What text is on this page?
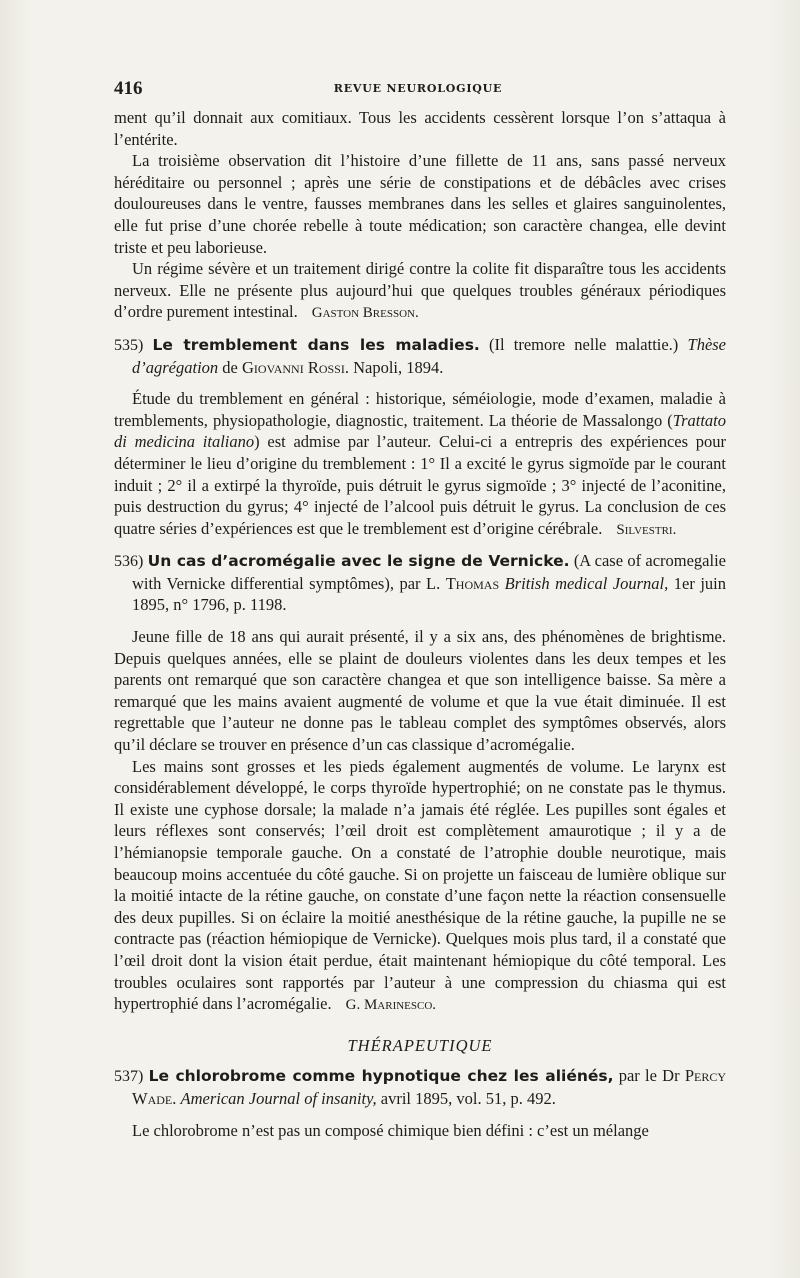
416	REVUE NEUROLOGIQUE

ment qu’il donnait aux comitiaux. Tous les accidents cessèrent lorsque l’on s’attaqua à l’entérite.

La troisième observation dit l’histoire d’une fillette de 11 ans, sans passé nerveux héréditaire ou personnel ; après une série de constipations et de débâcles avec crises douloureuses dans le ventre, fausses membranes dans les selles et glaires sanguinolentes, elle fut prise d’une chorée rebelle à toute médication; son caractère changea, elle devint triste et peu laborieuse.

Un régime sévère et un traitement dirigé contre la colite fit disparaître tous les accidents nerveux. Elle ne présente plus aujourd’hui que quelques troubles généraux périodiques d’ordre purement intestinal. Gaston Bresson.

535) Le tremblement dans les maladies. (Il tremore nelle malattie.) Thèse d’agrégation de Giovanni Rossi. Napoli, 1894.

Étude du tremblement en général : historique, séméiologie, mode d’examen, maladie à tremblements, physiopathologie, diagnostic, traitement. La théorie de Massalongo (Trattato di medicina italiano) est admise par l’auteur. Celui-ci a entrepris des expériences pour déterminer le lieu d’origine du tremblement : 1° Il a excité le gyrus sigmoïde par le courant induit ; 2° il a extirpé la thyroïde, puis détruit le gyrus sigmoïde ; 3° injecté de l’aconitine, puis destruction du gyrus; 4° injecté de l’alcool puis détruit le gyrus. La conclusion de ces quatre séries d’expériences est que le tremblement est d’origine cérébrale. Silvestri.

536) Un cas d’acromégalie avec le signe de Vernicke. (A case of acromegalie with Vernicke differential symptômes), par L. Thomas British medical Journal, 1er juin 1895, n° 1796, p. 1198.

Jeune fille de 18 ans qui aurait présenté, il y a six ans, des phénomènes de brightisme. Depuis quelques années, elle se plaint de douleurs violentes dans les deux tempes et les parents ont remarqué que son caractère changea et que son intelligence baisse. Sa mère a remarqué que les mains avaient augmenté de volume et que la vue était diminuée. Il est regrettable que l’auteur ne donne pas le tableau complet des symptômes observés, alors qu’il déclare se trouver en présence d’un cas classique d’acromégalie.

Les mains sont grosses et les pieds également augmentés de volume. Le larynx est considérablement développé, le corps thyroïde hypertrophié; on ne constate pas le thymus. Il existe une cyphose dorsale; la malade n’a jamais été réglée. Les pupilles sont égales et leurs réflexes sont conservés; l’œil droit est complètement amaurotique ; il y a de l’hémianopsie temporale gauche. On a constaté de l’atrophie double neurotique, mais beaucoup moins accentuée du côté gauche. Si on projette un faisceau de lumière oblique sur la moitié intacte de la rétine gauche, on constate d’une façon nette la réaction consensuelle des deux pupilles. Si on éclaire la moitié anesthésique de la rétine gauche, la pupille ne se contracte pas (réaction hémiopique de Vernicke). Quelques mois plus tard, il a constaté que l’œil droit dont la vision était perdue, était maintenant hémiopique du côté temporal. Les troubles oculaires sont rapportés par l’auteur à une compression du chiasma qui est hypertrophié dans l’acromégalie. G. Marinesco.

THÉRAPEUTIQUE

537) Le chlorobrome comme hypnotique chez les aliénés, par le Dr Percy Wade. American Journal of insanity, avril 1895, vol. 51, p. 492.

Le chlorobrome n’est pas un composé chimique bien défini : c’est un mélange
